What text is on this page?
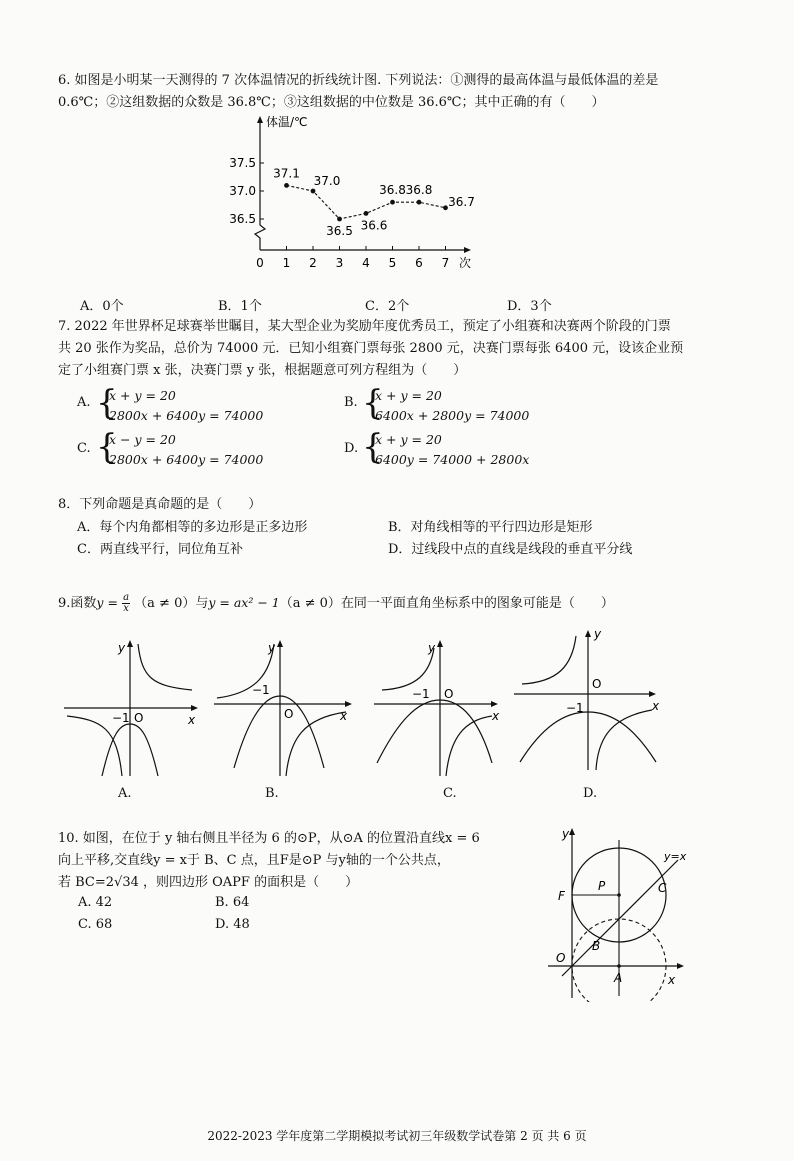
6. 如图是小明某一天测得的 7 次体温情况的折线统计图. 下列说法：①测得的最高体温与最低体温的差是
0.6℃；②这组数据的众数是 36.8℃；③这组数据的中位数是 36.6℃；其中正确的有（　　）
体温/℃
次
37.5
37.0
36.5
0 1 2 3 4 5 6 7
37.1
37.0
36.5 36.6
36.8 36.8
36.7
A．0个	B．1个	C．2个	D．3个
7. 2022 年世界杯足球赛举世瞩目，某大型企业为奖励年度优秀员工，预定了小组赛和决赛两个阶段的门票
共 20 张作为奖品，总价为 74000 元．已知小组赛门票每张 2800 元，决赛门票每张 6400 元，设该企业预
定了小组赛门票 x 张，决赛门票 y 张，根据题意可列方程组为（　　）
A. {
x + y = 20
2800x + 6400y = 74000
B. {
x + y = 20
6400x + 2800y = 74000
C. {
x − y = 20
2800x + 6400y = 74000
D. {
x + y = 20
6400y = 74000 + 2800x
8．下列命题是真命题的是（　　）
A．每个内角都相等的多边形是正多边形	B．对角线相等的平行四边形是矩形
C．两直线平行，同位角互补	D．过线段中点的直线是线段的垂直平分线
9.函数$y = \frac{a}{x} (a \ne 0)$与y = ax² − 1（a ≠ 0）在同一平面直角坐标系中的图象可能是（　　）
x
y
O
−1
A.
x
y
O
−1
B.
x
y
O
−1
C.
x
y
O
−1
D.
10. 如图，在位于 y 轴右侧且半径为 6 的⊙P，从⊙A 的位置沿直线x = 6
向上平移,交直线y = x于 B、C 点，且F是⊙P 与y轴的一个公共点，
若 BC=2√34 ，则四边形 OAPF 的面积是（　　）
A. 42	B. 64
C. 68	D. 48
y
x
y=x
O
F
P	C
B
A
2022-2023 学年度第二学期模拟考试初三年级数学试卷第 2 页 共 6 页
